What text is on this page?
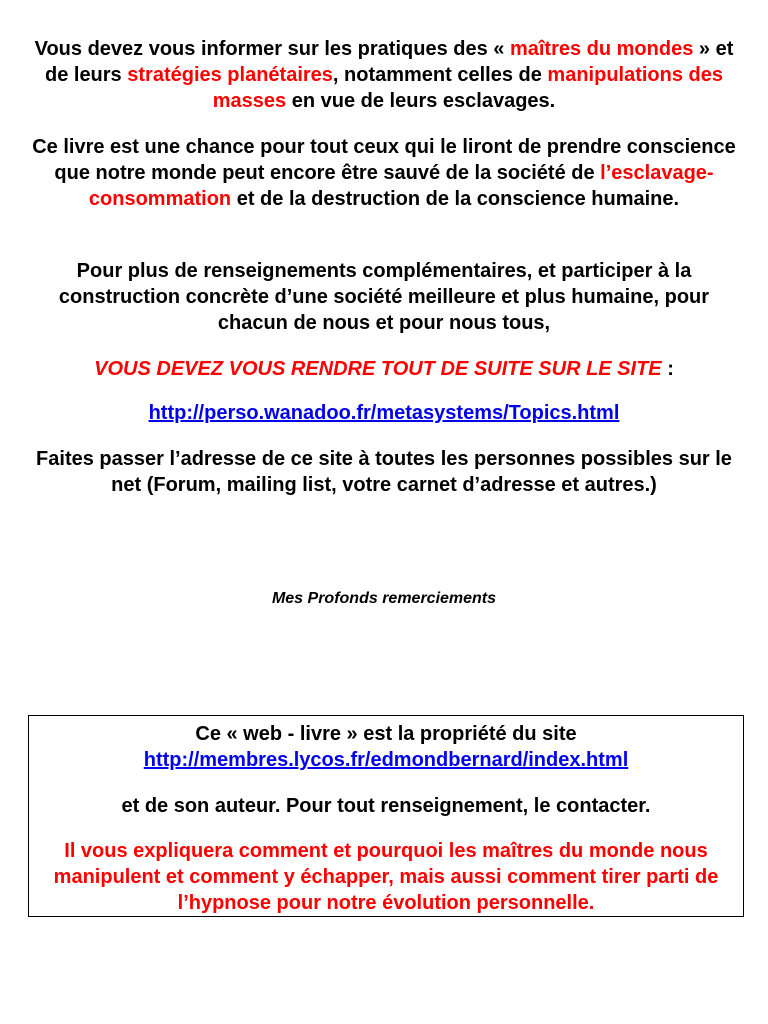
Vous devez vous informer sur les pratiques des « maîtres du mondes » et de leurs stratégies planétaires, notamment celles de manipulations des masses en vue de leurs esclavages.

Ce livre est une chance pour tout ceux qui le liront de prendre conscience que notre monde peut encore être sauvé de la société de l’esclavage-consommation et de la destruction de la conscience humaine.

Pour plus de renseignements complémentaires, et participer à la construction concrète d’une société meilleure et plus humaine, pour chacun de nous et pour nous tous,

VOUS DEVEZ VOUS RENDRE TOUT DE SUITE SUR LE SITE :

http://perso.wanadoo.fr/metasystems/Topics.html

Faites passer l’adresse de ce site à toutes les personnes possibles sur le net (Forum, mailing list, votre carnet d’adresse et autres.)

Mes Profonds remerciements

Ce « web - livre » est la propriété du site

http://membres.lycos.fr/edmondbernard/index.html

et de son auteur. Pour tout renseignement, le contacter.

Il vous expliquera comment et pourquoi les maîtres du monde nous manipulent et comment y échapper, mais aussi comment tirer parti de l’hypnose pour notre évolution personnelle.
